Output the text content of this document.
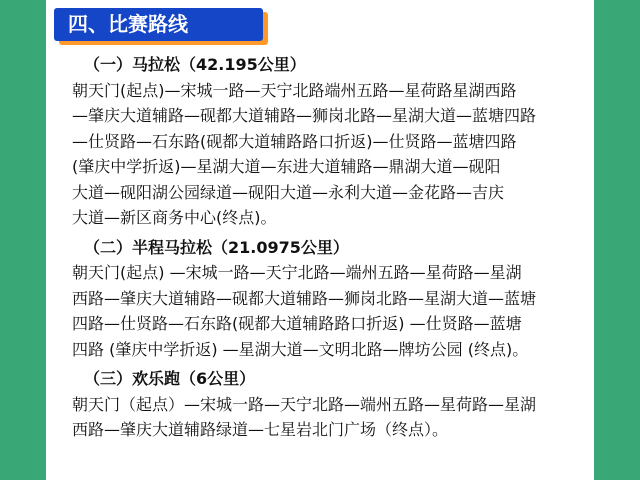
四、比赛路线

（一）马拉松（42.195公里）

朝天门(起点)—宋城一路—天宁北路端州五路—星荷路星湖西路
—肇庆大道辅路—砚都大道辅路—狮岗北路—星湖大道—蓝塘四路
—仕贤路—石东路(砚都大道辅路路口折返)—仕贤路—蓝塘四路
(肇庆中学折返)—星湖大道—东进大道辅路—鼎湖大道—砚阳
大道—砚阳湖公园绿道—砚阳大道—永利大道—金花路—吉庆
大道—新区商务中心(终点)。

（二）半程马拉松（21.0975公里）

朝天门(起点) —宋城一路—天宁北路—端州五路—星荷路—星湖
西路—肇庆大道辅路—砚都大道辅路—狮岗北路—星湖大道—蓝塘
四路—仕贤路—石东路(砚都大道辅路路口折返) —仕贤路—蓝塘
四路 (肇庆中学折返) —星湖大道—文明北路—牌坊公园 (终点)。

（三）欢乐跑（6公里）

朝天门（起点）—宋城一路—天宁北路—端州五路—星荷路—星湖
西路—肇庆大道辅路绿道—七星岩北门广场（终点）。
